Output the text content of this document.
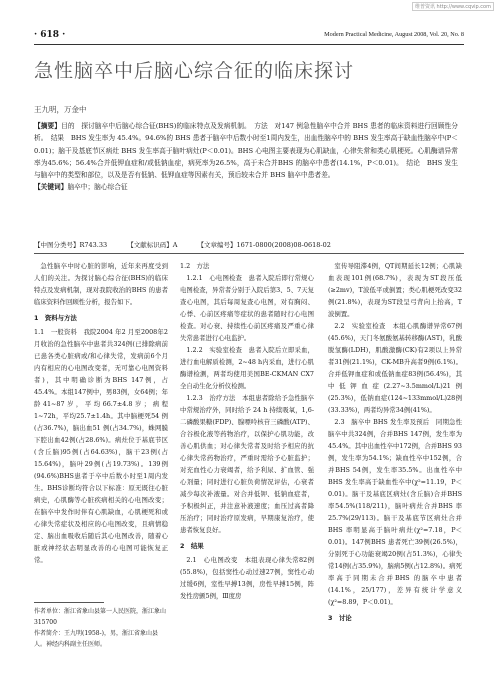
维普资讯 http://www.cqvip.com
· 618 ·	Modern Practical Medicine, August 2008, Vol. 20, No. 8
急性脑卒中后脑心综合征的临床探讨
王九明，万金中

【摘要】目的　探讨脑卒中后脑心综合征(BHS)的临床特点及发病机制。　方法　对147 例急性脑卒中合并 BHS 患者的临床资料进行回顾性分析。　结果　BHS 发生率为 45.4%。94.6%的 BHS 患者于脑卒中后数小时至1周内发生，出血性脑卒中的 BHS 发生率高于缺血性脑卒中(P＜0.01)；脑干及基底节区病灶 BHS 发生率高于脑叶病灶(P＜0.01)。BHS 心电图主要表现为心肌缺血，心律失常和类心肌梗死。心肌酶谱异常率为45.6%；56.4%合并低钾血症和/或低钠血症，病死率为26.5%，高于未合并BHS 的脑卒中患者(14.1%，P＜0.01)。　结论　BHS 发生与脑卒中的类型和部位，以及是否有低钠、低钾血症等因素有关，预后较未合并 BHS 脑卒中患者差。

【关键词】脑卒中；脑心综合征

【中图分类号】R743.33	【文献标识码】A	【文章编号】1671-0800(2008)08-0618-02

急性脑卒中时心脏的影响，近年来再度受到人们的关注。为探讨脑心综合征(BHS)的临床特点及发病机制，现对我院收治的BHS 的患者临床资料作回顾性分析，报告如下。

1　资料与方法

1.1　一般资料　我院2004 年2 月至2008年2 月收治的急性脑卒中患者共324例(已排除病前已患各类心脏病或/和心律失常，发病前6个月内有相应的心电图改变者，无可靠心电图资料者)，其中明确诊断为BHS 147例，占45.4%。本组147例中，男83例，女64例；年龄41~87岁，平均66.7±4.8岁；病程1~72h，平均25.7±1.4h。其中脑梗死54 例(占36.7%)，脑出血51 例(占34.7%)，蛛网膜下腔出血42例(占28.6%)。病灶位于基底节区(含丘脑)95例(占64.63%)，脑干23例(占15.64%)，脑叶29例(占19.73%)。139例(94.6%)BHS患者于卒中后数小时至1周内发生。BHS诊断均符合以下标准：原无既往心脏病史，心肌酶等心脏疾病相关的心电图改变；在脑卒中发作时伴有心肌缺血，心肌梗死和或心律失常症状及相应的心电图改变，且病情稳定、脑出血吸收后随后其心电图改善，随着心脏或神经状态明显改善的心电图可能恢复正常。

1.2　方法

1.2.1　心电图检查　患者入院后即行常规心电图检查，异常者分别于入院后第3、5、7天复查心电图，其后每周复查心电图，对有胸闷、心悸、心前区疼痛等症状的患者随时行心电图检查。对心衰、持续性心前区疼痛及严重心律失常患者进行心电监护。

1.2.2　实验室检查　患者入院后立即采血，进行血电解质检测，2~48 h内采血，进行心肌酶谱检测，两者均使用美国BE-CKMAN CX7全自动生化分析仪检测。

1.2.3　治疗方法　本组患者除给予急性脑卒中常规治疗外，同时给予 24 h 持续吸氧，1,6-二磷酸果糖(FDP)、腺嘌呤核苷三磷酸(ATP)、合谷极化液等药物治疗，以保护心肌功能，改善心肌供血；对心律失常者及时给予相应的抗心律失常药物治疗，严重时需给予心脏监护；对充血性心力衰竭者，给予利尿、扩血管、强心剂量；同时进行心脏负荷情况评估，心衰者减少每次补液量。对合并低钾、低钠血症者，予积极纠正，并注意补液速度；血压过高者降压治疗；同时治疗原发病，早期康复治疗，使患者恢复良好。

2　结果

2.1　心电图改变　本组表现心律失常82例(55.8%)，包括窦性心动过速27例，窦性心动过缓6例，室性早搏13例，房性早搏15例，阵发性房颤5例，Ⅲ度房

室传导阻滞4例，QT间期延长12例；心肌缺血表现101例(68.7%)，表现为ST段压低(≥2mv)，T波低平或倒置；类心肌梗死改变32例(21.8%)，表现为ST段呈弓背向上抬高，T波倒置。

2.2　实验室检查　本组心肌酶谱异常67例(45.6%)，天门冬氨酸氨基转移酶(AST)，乳酸脱氢酶(LDH)，肌酸激酶(CK)有2项以上异常者31例(21.1%)，CK-MB升高者9例(6.1%)。合并低钾血症和或低钠血症83例(56.4%)，其中低钾血症(2.27~3.5mmol/L)21例(25.3%)，低钠血症(124~133mmol/L)28例(33.33%)，两者均异常34例(41%)。

2.3　脑卒中 BHS 发生率及预后　同期急性脑卒中共324例，合并BHS 147例，发生率为45.4%。其中出血性卒中172例，合并BHS 93例，发生率为54.1%；缺血性卒中152例，合并BHS 54例，发生率35.5%。出血性卒中BHS 发生率高于缺血性卒中(χ²=11.19，P＜0.01)。脑干及基底区病灶(含丘脑)合并BHS 率54.5%(118/211)，脑叶病灶合并BHS 率25.7%(29/113)。脑干及基底节区病灶合并BHS 率明显高于脑叶病灶(χ²=7.18，P＜0.01)。147例BHS 患者死亡39例(26.5%)，分别死于心功能衰竭20例(占51.3%)，心律失常14例(占35.9%)，脑病5例(占12.8%)。病死率高于同期未合并BHS 的脑卒中患者(14.1%，25/177)，差异有统计学意义(χ²=8.89，P＜0.01)。

3　讨论

作者单位：浙江省象山县第一人民医院，浙江象山 315700

作者简介：王九明(1958-)，男，浙江省象山县人。神经内科副主任医师。
